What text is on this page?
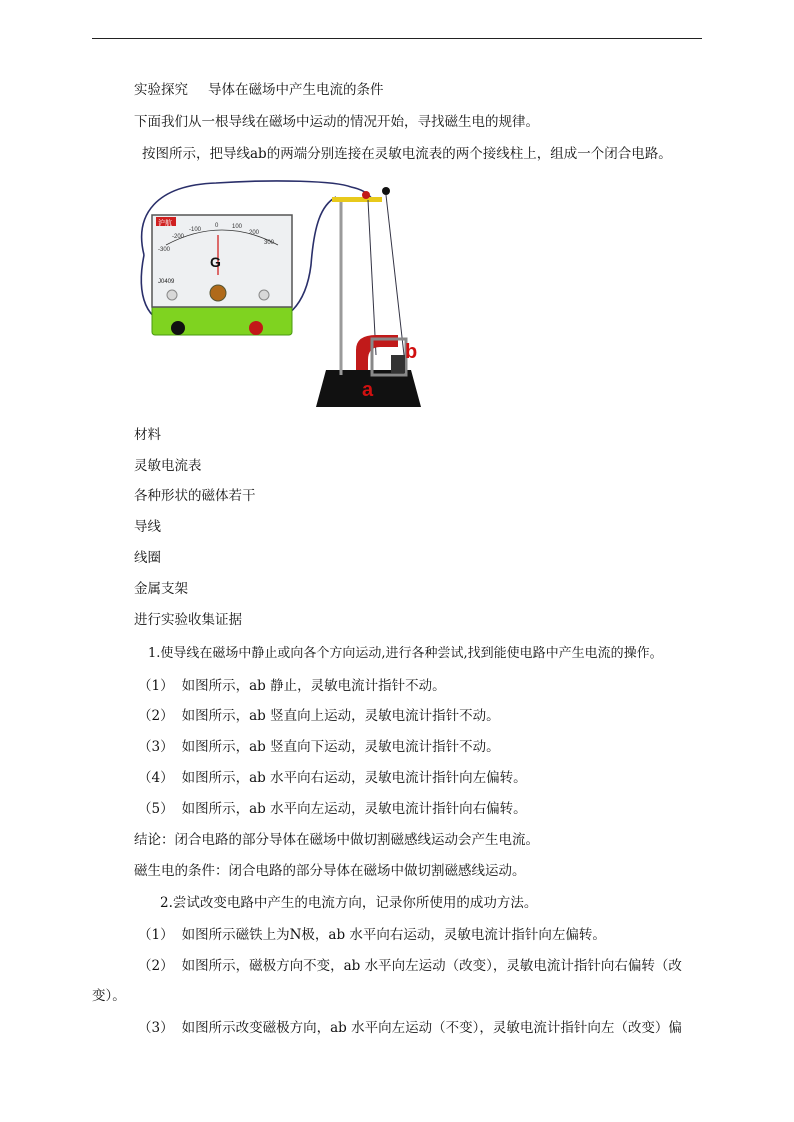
实验探究 导体在磁场中产生电流的条件
下面我们从一根导线在磁场中运动的情况开始，寻找磁生电的规律。
按图所示，把导线ab的两端分别连接在灵敏电流表的两个接线柱上，组成一个闭合电路。
沪航
-300
-200
-100
0 100
200
300
G
J0409
b
a
材料
灵敏电流表
各种形状的磁体若干
导线
线圈
金属支架
进行实验收集证据
1.使导线在磁场中静止或向各个方向运动,进行各种尝试,找到能使电路中产生电流的操作。
（1） 如图所示，ab 静止，灵敏电流计指针不动。
（2） 如图所示，ab 竖直向上运动，灵敏电流计指针不动。
（3） 如图所示，ab 竖直向下运动，灵敏电流计指针不动。
（4） 如图所示，ab 水平向右运动，灵敏电流计指针向左偏转。
（5） 如图所示，ab 水平向左运动，灵敏电流计指针向右偏转。
结论：闭合电路的部分导体在磁场中做切割磁感线运动会产生电流。
磁生电的条件：闭合电路的部分导体在磁场中做切割磁感线运动。
2.尝试改变电路中产生的电流方向，记录你所使用的成功方法。
（1） 如图所示磁铁上为N极，ab 水平向右运动，灵敏电流计指针向左偏转。
（2） 如图所示，磁极方向不变，ab 水平向左运动（改变），灵敏电流计指针向右偏转（改
变）。
（3） 如图所示改变磁极方向，ab 水平向左运动（不变），灵敏电流计指针向左（改变）偏
